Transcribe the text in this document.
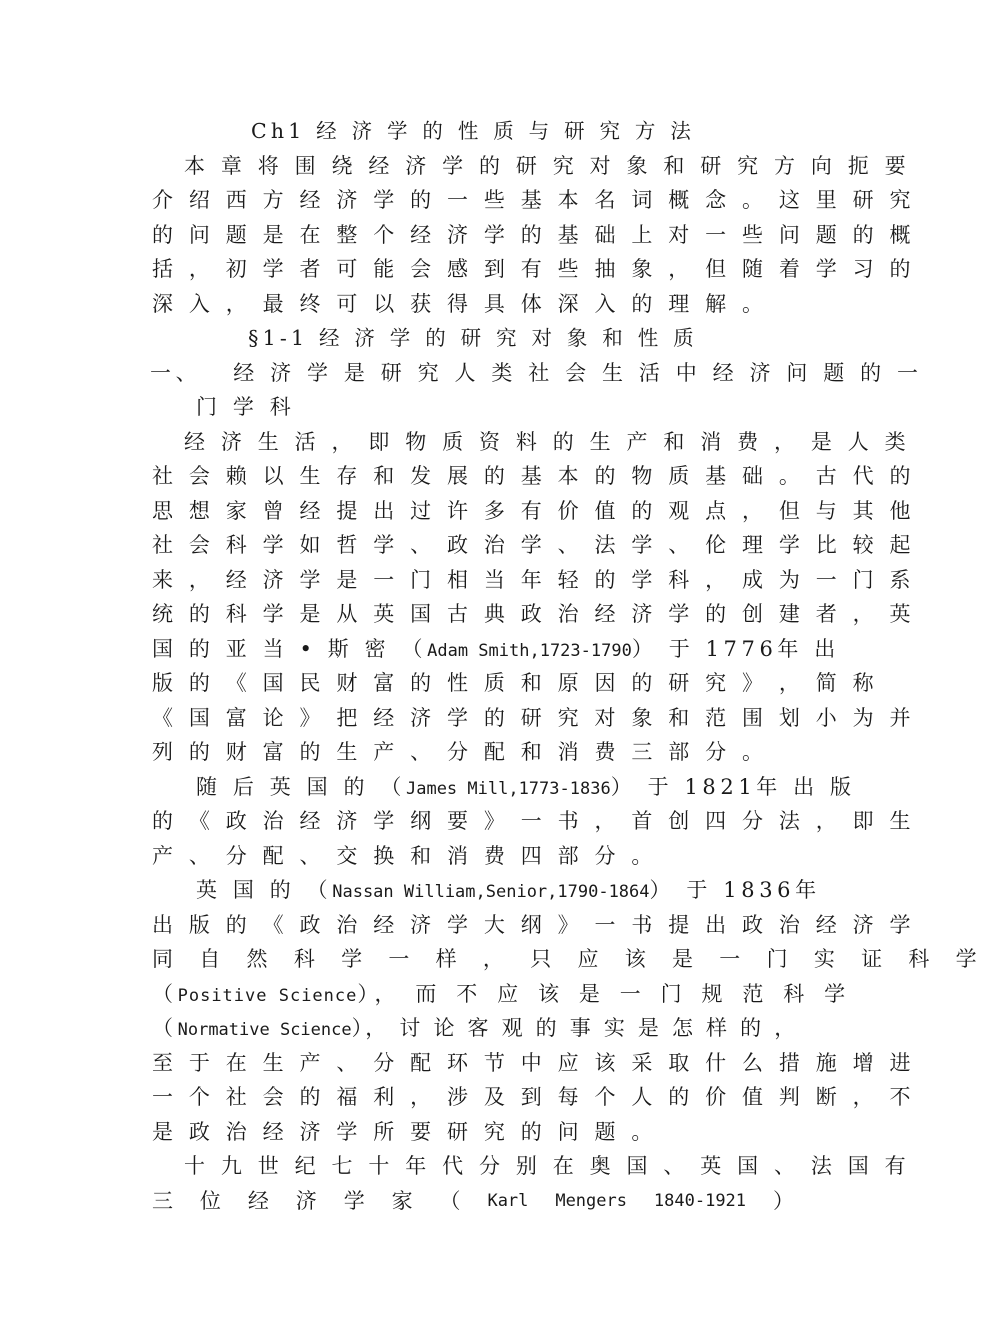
Ch1 经 济 学 的 性 质 与 研 究 方 法
本 章 将 围 绕 经 济 学 的 研 究 对 象 和 研 究 方 向 扼 要
介 绍 西 方 经 济 学 的 一 些 基 本 名 词 概 念 。 这 里 研 究
的 问 题 是 在 整 个 经 济 学 的 基 础 上 对 一 些 问 题 的 概
括 ， 初 学 者 可 能 会 感 到 有 些 抽 象 ， 但 随 着 学 习 的
深 入 ， 最 终 可 以 获 得 具 体 深 入 的 理 解 。
§1-1 经 济 学 的 研 究 对 象 和 性 质
一、 经 济 学 是 研 究 人 类 社 会 生 活 中 经 济 问 题 的 一
门 学 科
经 济 生 活 ， 即 物 质 资 料 的 生 产 和 消 费 ， 是 人 类
社 会 赖 以 生 存 和 发 展 的 基 本 的 物 质 基 础 。 古 代 的
思 想 家 曾 经 提 出 过 许 多 有 价 值 的 观 点 ， 但 与 其 他
社 会 科 学 如 哲 学 、 政 治 学 、 法 学 、 伦 理 学 比 较 起
来 ， 经 济 学 是 一 门 相 当 年 轻 的 学 科 ， 成 为 一 门 系
统 的 科 学 是 从 英 国 古 典 政 治 经 济 学 的 创 建 者 ， 英
国 的 亚 当 • 斯 密 （Adam Smith,1723-1790） 于 1776年 出
版 的 《 国 民 财 富 的 性 质 和 原 因 的 研 究 》 ， 简 称
《 国 富 论 》 把 经 济 学 的 研 究 对 象 和 范 围 划 小 为 并
列 的 财 富 的 生 产 、 分 配 和 消 费 三 部 分 。
随 后 英 国 的 （James Mill,1773-1836） 于 1821年 出 版
的 《 政 治 经 济 学 纲 要 》 一 书 ， 首 创 四 分 法 ， 即 生
产 、 分 配 、 交 换 和 消 费 四 部 分 。
英 国 的 （Nassan William,Senior,1790-1864） 于 1836年
出 版 的 《 政 治 经 济 学 大 纲 》 一 书 提 出 政 治 经 济 学
同 自 然 科 学 一 样 ， 只 应 该 是 一 门 实 证 科 学
（Positive Science）， 而 不 应 该 是 一 门 规 范 科 学
（Normative Science）， 讨 论 客 观 的 事 实 是 怎 样 的 ，
至 于 在 生 产 、 分 配 环 节 中 应 该 采 取 什 么 措 施 增 进
一 个 社 会 的 福 利 ， 涉 及 到 每 个 人 的 价 值 判 断 ， 不
是 政 治 经 济 学 所 要 研 究 的 问 题 。
十 九 世 纪 七 十 年 代 分 别 在 奥 国 、 英 国 、 法 国 有
三 位 经 济 学 家 （ Karl Mengers 1840-1921 ）
